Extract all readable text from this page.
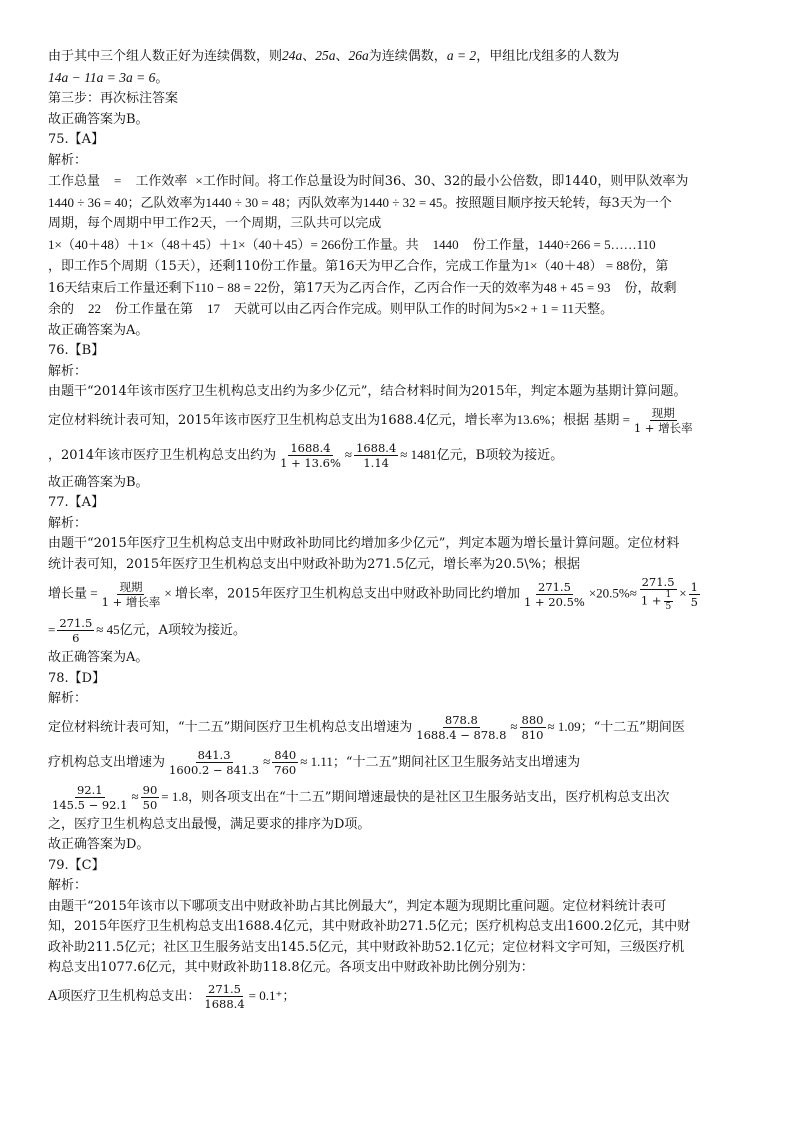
由于其中三个组人数正好为连续偶数，则24a、25a、26a为连续偶数，a = 2，甲组比戊组多的人数为
14a − 11a = 3a = 6。
第三步：再次标注答案
故正确答案为B。
75.【A】
解析：
工作总量 = 工作效率 ×工作时间。将工作总量设为时间36、30、32的最小公倍数，即1440，则甲队效率为
1440 ÷ 36 = 40；乙队效率为1440 ÷ 30 = 48；丙队效率为1440 ÷ 32 = 45。按照题目顺序按天轮转，每3天为一个
周期，每个周期中甲工作2天，一个周期，三队共可以完成
1×（40＋48）＋1×（48＋45）＋1×（40＋45）= 266份工作量。共 1440 份工作量，1440÷266 = 5……110
，即工作5个周期（15天），还剩110份工作量。第16天为甲乙合作，完成工作量为1×（40＋48） = 88份，第
16天结束后工作量还剩下110 − 88 = 22份，第17天为乙丙合作，乙丙合作一天的效率为48 + 45 = 93 份，故剩
余的 22 份工作量在第 17 天就可以由乙丙合作完成。则甲队工作的时间为5×2 + 1 = 11天整。
故正确答案为A。
76.【B】
解析：
由题干“2014年该市医疗卫生机构总支出约为多少亿元”，结合材料时间为2015年，判定本题为基期计算问题。
定位材料统计表可知，2015年该市医疗卫生机构总支出为1688.4亿元，增长率为13.6%；根据 基期 = $\frac{\text{现期}}{\text{1 + 增长率}}$
，2014年该市医疗卫生机构总支出约为 $\frac{1688.4}{1 + 13.6\%} \approx \frac{1688.4}{1.14} \approx 1481$亿元，B项较为接近。
故正确答案为B。
77.【A】
解析：
由题干“2015年医疗卫生机构总支出中财政补助同比约增加多少亿元”，判定本题为增长量计算问题。定位材料
统计表可知，2015年医疗卫生机构总支出中财政补助为271.5亿元，增长率为20.5\%；根据
增长量 = $\frac{\text{现期}}{\text{1 + 增长率}}$ × 增长率，2015年医疗卫生机构总支出中财政补助同比约增加 $\frac{271.5}{1 + 20.5\%} \times 20.5\%\approx \frac{271.5}{1 + \frac{1}{5}} \times \frac{1}{5}$
= $\frac{271.5}{6} \approx 45$亿元，A项较为接近。
故正确答案为A。
78.【D】
解析：
定位材料统计表可知，“十二五”期间医疗卫生机构总支出增速为 $\frac{878.8}{1688.4 - 878.8} \approx \frac{880}{810} \approx 1.09$；“十二五”期间医
疗机构总支出增速为 $\frac{841.3}{1600.2 - 841.3} \approx \frac{840}{760} \approx 1.11$；“十二五”期间社区卫生服务站支出增速为
$\frac{92.1}{145.5 - 92.1} \approx \frac{90}{50} = 1.8$，则各项支出在“十二五”期间增速最快的是社区卫生服务站支出，医疗机构总支出次
之，医疗卫生机构总支出最慢，满足要求的排序为D项。
故正确答案为D。
79.【C】
解析：
由题干“2015年该市以下哪项支出中财政补助占其比例最大”，判定本题为现期比重问题。定位材料统计表可
知，2015年医疗卫生机构总支出1688.4亿元，其中财政补助271.5亿元；医疗机构总支出1600.2亿元，其中财
政补助211.5亿元；社区卫生服务站支出145.5亿元，其中财政补助52.1亿元；定位材料文字可知，三级医疗机
构总支出1077.6亿元，其中财政补助118.8亿元。各项支出中财政补助比例分别为：
A项医疗卫生机构总支出： $\frac{271.5}{1688.4} = 0.1^+$；
